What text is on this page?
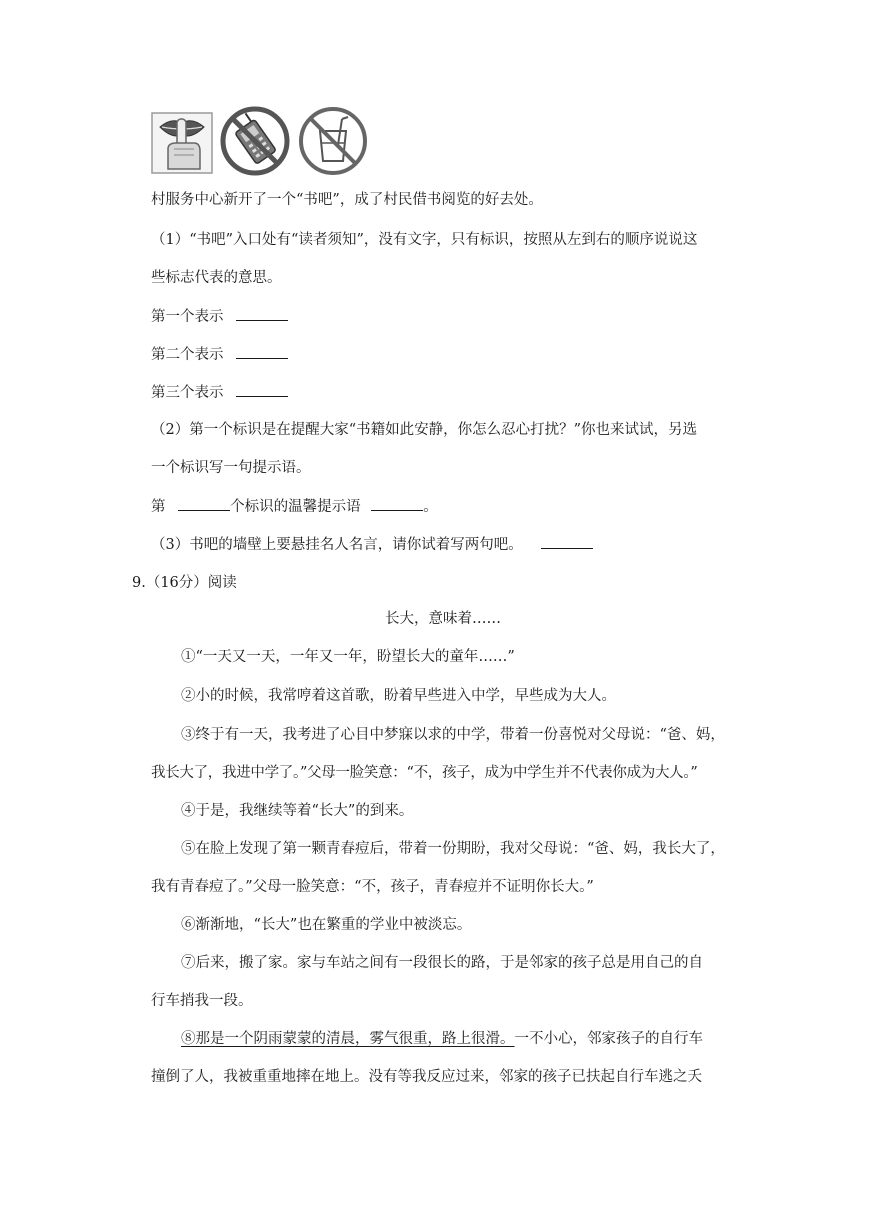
村服务中心新开了一个“书吧”，成了村民借书阅览的好去处。
（1）“书吧”入口处有“读者须知”，没有文字，只有标识，按照从左到右的顺序说说这
些标志代表的意思。
第一个表示
第二个表示
第三个表示
（2）第一个标识是在提醒大家“书籍如此安静，你怎么忍心打扰？”你也来试试，另选
一个标识写一句提示语。
第	个标识的温馨提示语	。
（3）书吧的墙壁上要悬挂名人名言，请你试着写两句吧。
9.（16分）阅读
长大，意味着……
①“一天又一天，一年又一年，盼望长大的童年……”
②小的时候，我常哼着这首歌，盼着早些进入中学，早些成为大人。
③终于有一天，我考进了心目中梦寐以求的中学，带着一份喜悦对父母说：“爸、妈，
我长大了，我进中学了。”父母一脸笑意：“不，孩子，成为中学生并不代表你成为大人。”
④于是，我继续等着“长大”的到来。
⑤在脸上发现了第一颗青春痘后，带着一份期盼，我对父母说：“爸、妈，我长大了，
我有青春痘了。”父母一脸笑意：“不，孩子，青春痘并不证明你长大。”
⑥渐渐地，“长大”也在繁重的学业中被淡忘。
⑦后来，搬了家。家与车站之间有一段很长的路，于是邻家的孩子总是用自己的自
行车捎我一段。
⑧那是一个阴雨蒙蒙的清晨，雾气很重，路上很滑。一不小心，邻家孩子的自行车
撞倒了人，我被重重地摔在地上。没有等我反应过来，邻家的孩子已扶起自行车逃之夭
